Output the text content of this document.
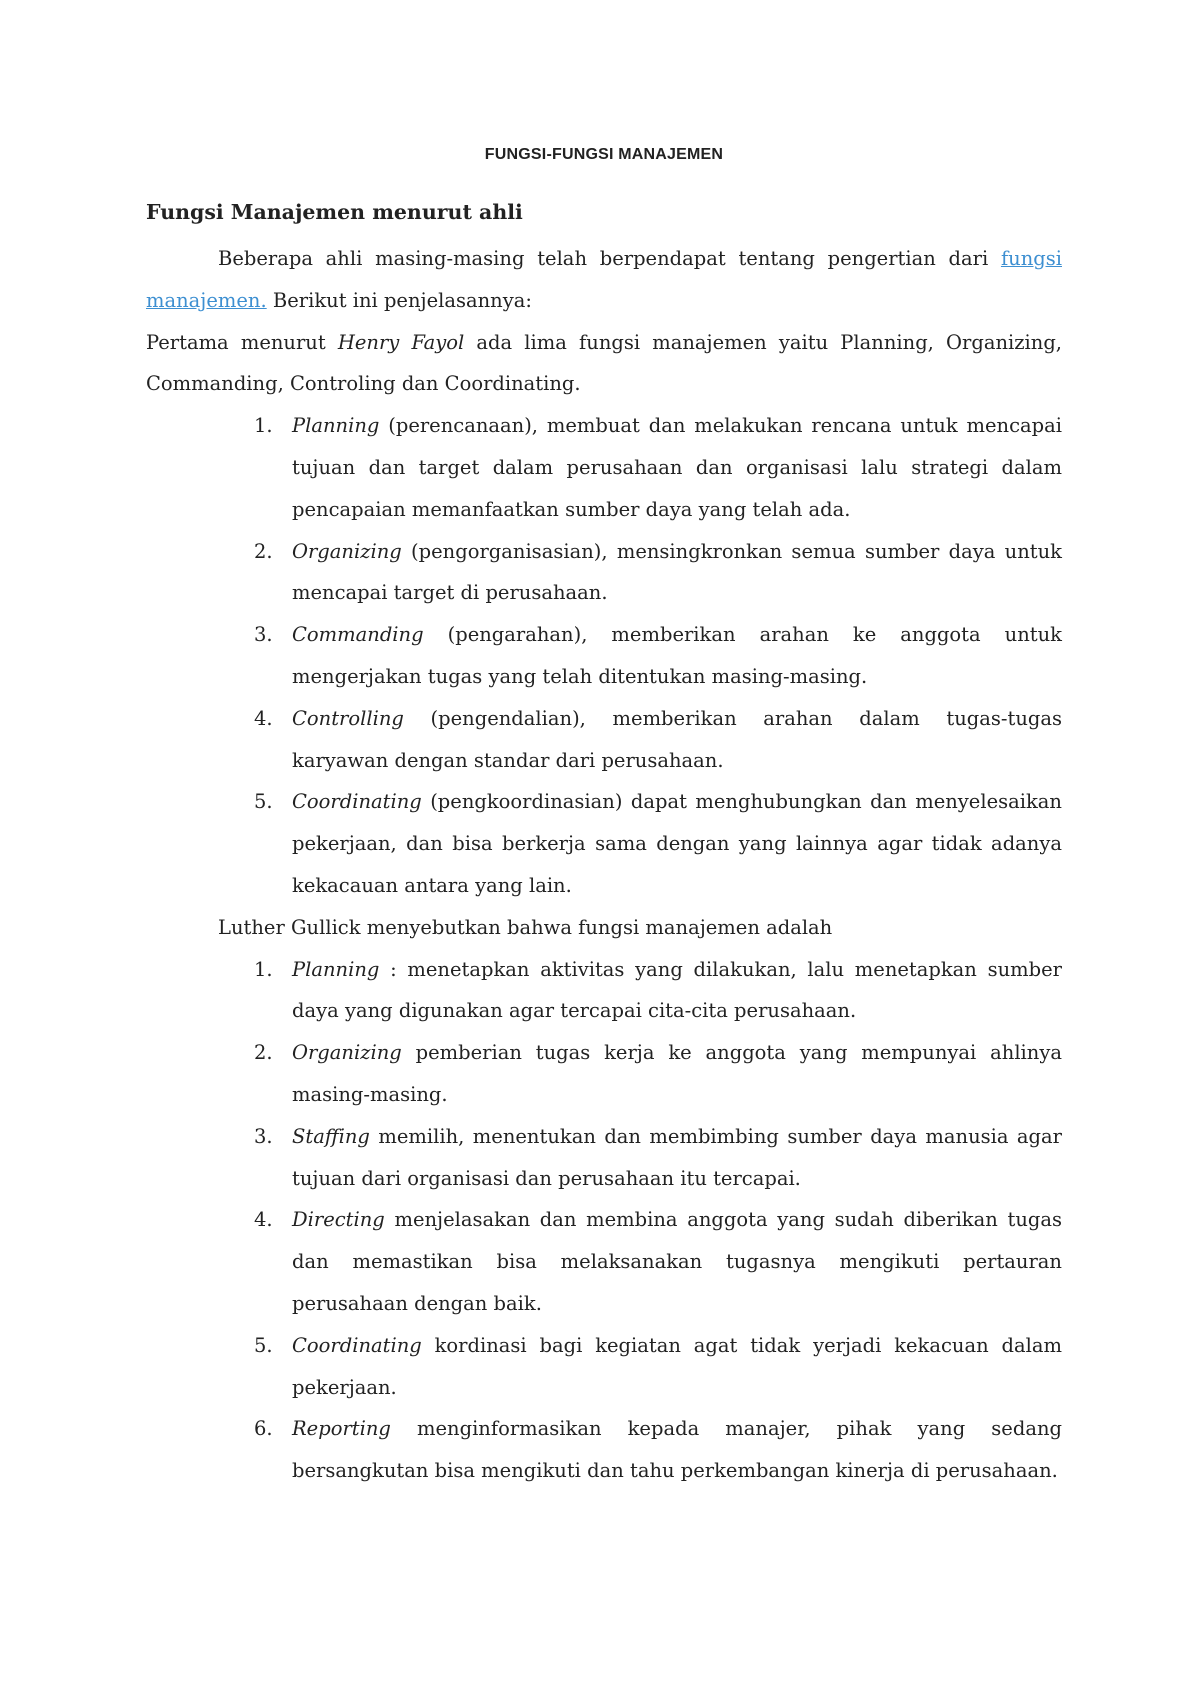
FUNGSI-FUNGSI MANAJEMEN
Fungsi Manajemen menurut ahli

Beberapa ahli masing-masing telah berpendapat tentang pengertian dari fungsi manajemen. Berikut ini penjelasannya:

Pertama menurut Henry Fayol ada lima fungsi manajemen yaitu Planning, Organizing, Commanding, Controling dan Coordinating.

1. Planning (perencanaan), membuat dan melakukan rencana untuk mencapai tujuan dan target dalam perusahaan dan organisasi lalu strategi dalam pencapaian memanfaatkan sumber daya yang telah ada.
2. Organizing (pengorganisasian), mensingkronkan semua sumber daya untuk mencapai target di perusahaan.
3. Commanding (pengarahan), memberikan arahan ke anggota untuk mengerjakan tugas yang telah ditentukan masing-masing.
4. Controlling (pengendalian), memberikan arahan dalam tugas-tugas karyawan dengan standar dari perusahaan.
5. Coordinating (pengkoordinasian) dapat menghubungkan dan menyelesaikan pekerjaan, dan bisa berkerja sama dengan yang lainnya agar tidak adanya kekacauan antara yang lain.

Luther Gullick menyebutkan bahwa fungsi manajemen adalah

1. Planning : menetapkan aktivitas yang dilakukan, lalu menetapkan sumber daya yang digunakan agar tercapai cita-cita perusahaan.
2. Organizing pemberian tugas kerja ke anggota yang mempunyai ahlinya masing-masing.
3. Staffing memilih, menentukan dan membimbing sumber daya manusia agar tujuan dari organisasi dan perusahaan itu tercapai.
4. Directing menjelasakan dan membina anggota yang sudah diberikan tugas dan memastikan bisa melaksanakan tugasnya mengikuti pertauran perusahaan dengan baik.
5. Coordinating kordinasi bagi kegiatan agat tidak yerjadi kekacuan dalam pekerjaan.
6. Reporting menginformasikan kepada manajer, pihak yang sedang bersangkutan bisa mengikuti dan tahu perkembangan kinerja di perusahaan.
